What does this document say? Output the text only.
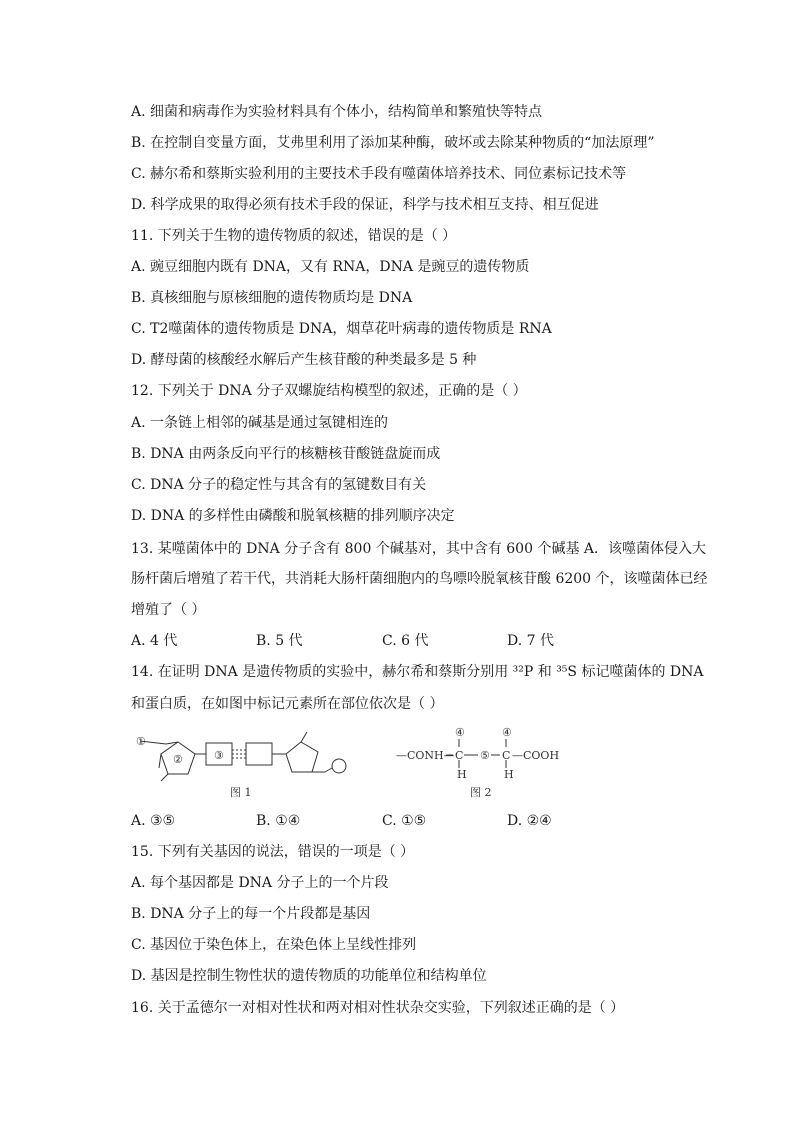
A. 细菌和病毒作为实验材料具有个体小，结构简单和繁殖快等特点
B. 在控制自变量方面，艾弗里利用了添加某种酶，破坏或去除某种物质的“加法原理”
C. 赫尔希和蔡斯实验利用的主要技术手段有噬菌体培养技术、同位素标记技术等
D. 科学成果的取得必须有技术手段的保证，科学与技术相互支持、相互促进
11. 下列关于生物的遗传物质的叙述，错误的是（ ）
A. 豌豆细胞内既有 DNA，又有 RNA，DNA 是豌豆的遗传物质
B. 真核细胞与原核细胞的遗传物质均是 DNA
C. T2噬菌体的遗传物质是 DNA，烟草花叶病毒的遗传物质是 RNA
D. 酵母菌的核酸经水解后产生核苷酸的种类最多是 5 种
12. 下列关于 DNA 分子双螺旋结构模型的叙述，正确的是（ ）
A. 一条链上相邻的碱基是通过氢键相连的
B. DNA 由两条反向平行的核糖核苷酸链盘旋而成
C. DNA 分子的稳定性与其含有的氢键数目有关
D. DNA 的多样性由磷酸和脱氧核糖的排列顺序决定
13. 某噬菌体中的 DNA 分子含有 800 个碱基对，其中含有 600 个碱基 A．该噬菌体侵入大
肠杆菌后增殖了若干代，共消耗大肠杆菌细胞内的鸟嘌呤脱氧核苷酸 6200 个，该噬菌体已经
增殖了（ ）
A. 4 代	B. 5 代	C. 6 代	D. 7 代
14. 在证明 DNA 是遗传物质的实验中，赫尔希和蔡斯分别用 ³²P 和 ³⁵S 标记噬菌体的 DNA
和蛋白质，在如图中标记元素所在部位依次是（ ）
①
②	③
图 1
—CONH— C ⑤ C —COOH
④	④
H	H
图 2
A. ③⑤	B. ①④	C. ①⑤	D. ②④
15. 下列有关基因的说法，错误的一项是（ ）
A. 每个基因都是 DNA 分子上的一个片段
B. DNA 分子上的每一个片段都是基因
C. 基因位于染色体上，在染色体上呈线性排列
D. 基因是控制生物性状的遗传物质的功能单位和结构单位
16. 关于孟德尔一对相对性状和两对相对性状杂交实验，下列叙述正确的是（ ）
